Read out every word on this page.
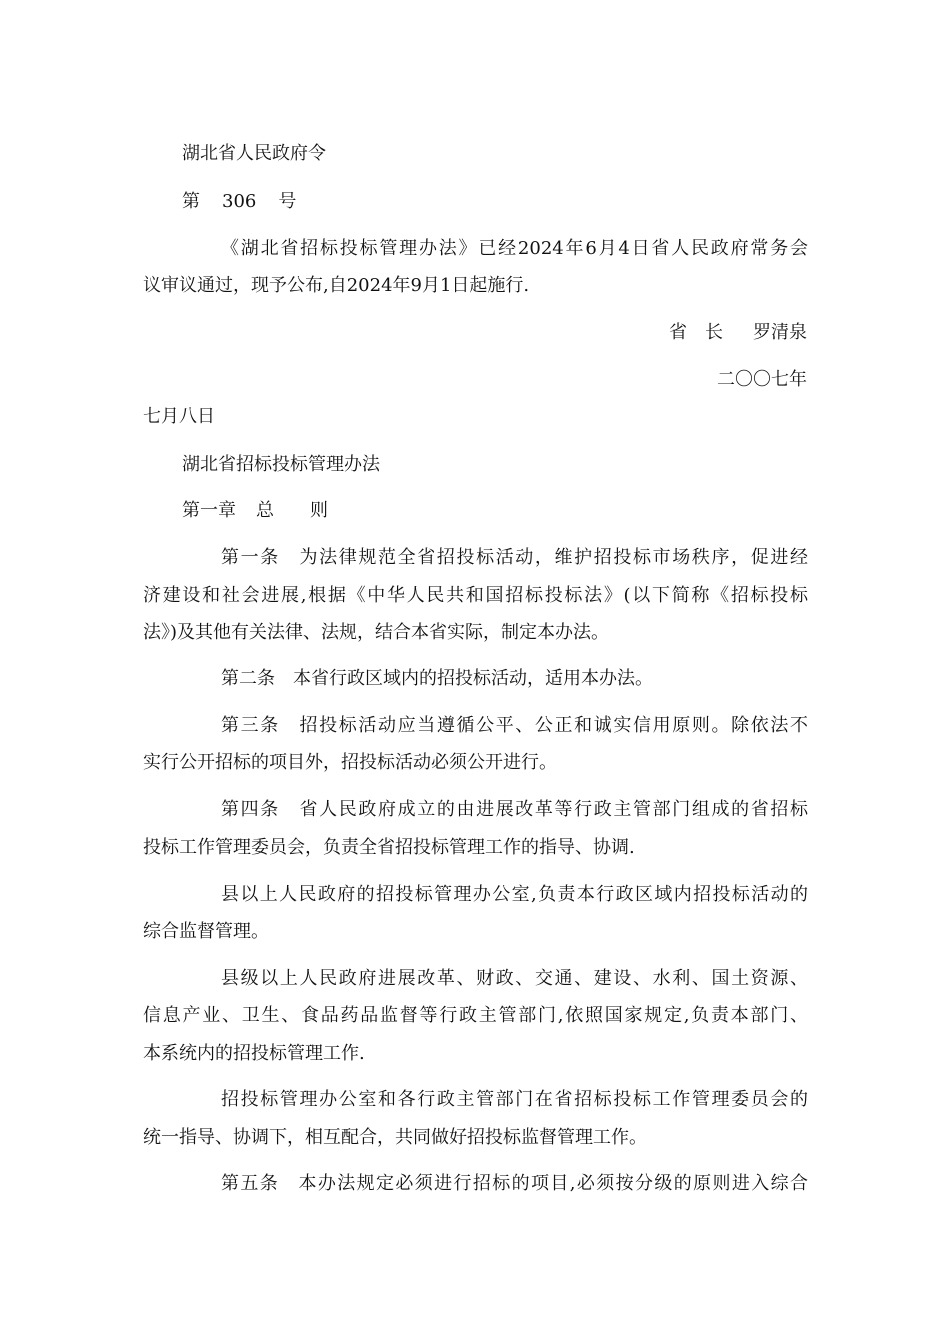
湖北省人民政府令
第 306 号
《湖北省招标投标管理办法》已经2024年6月4日省人民政府常务会
议审议通过，现予公布,自2024年9月1日起施行.
省　长 罗清泉
二〇〇七年
七月八日
湖北省招标投标管理办法
第一章 总　　则
第一条　为法律规范全省招投标活动，维护招投标市场秩序，促进经
济建设和社会进展,根据《中华人民共和国招标投标法》(以下简称《招标投标
法》)及其他有关法律、法规，结合本省实际，制定本办法。
第二条　本省行政区域内的招投标活动，适用本办法。
第三条　招投标活动应当遵循公平、公正和诚实信用原则。除依法不
实行公开招标的项目外，招投标活动必须公开进行。
第四条　省人民政府成立的由进展改革等行政主管部门组成的省招标
投标工作管理委员会，负责全省招投标管理工作的指导、协调.
县以上人民政府的招投标管理办公室,负责本行政区域内招投标活动的
综合监督管理。
县级以上人民政府进展改革、财政、交通、建设、水利、国土资源、
信息产业、卫生、食品药品监督等行政主管部门,依照国家规定,负责本部门、
本系统内的招投标管理工作.
招投标管理办公室和各行政主管部门在省招标投标工作管理委员会的
统一指导、协调下，相互配合，共同做好招投标监督管理工作。
第五条　本办法规定必须进行招标的项目,必须按分级的原则进入综合
